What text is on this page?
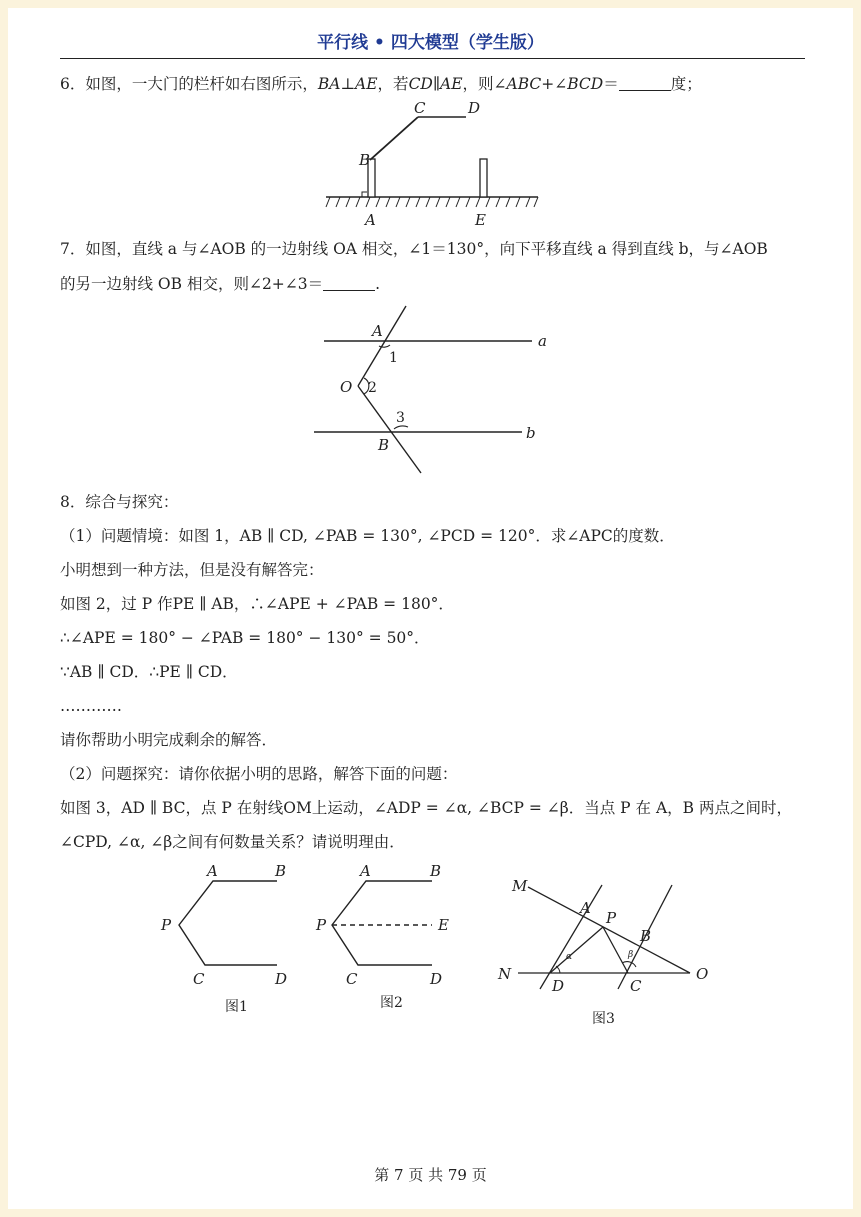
平行线 • 四大模型（学生版）
6．如图，一大门的栏杆如右图所示，BA⊥AE，若CD∥AE，则∠ABC+∠BCD＝	度；
B
C	D
A	E
7．如图，直线 a 与∠AOB 的一边射线 OA 相交，∠1＝130°，向下平移直线 a 得到直线 b，与∠AOB
的另一边射线 OB 相交，则∠2+∠3＝	.
A
a
1
O 2
3
B
b
8．综合与探究：
（1）问题情境：如图 1，AB ∥ CD, ∠PAB = 130°, ∠PCD = 120°．求∠APC的度数．
小明想到一种方法，但是没有解答完：
如图 2，过 P 作PE ∥ AB，∴∠APE + ∠PAB = 180°．
∴∠APE = 180° − ∠PAB = 180° − 130° = 50°．
∵AB ∥ CD．∴PE ∥ CD．
…………
请你帮助小明完成剩余的解答．
（2）问题探究：请你依据小明的思路，解答下面的问题：
如图 3，AD ∥ BC，点 P 在射线OM上运动，∠ADP = ∠α, ∠BCP = ∠β．当点 P 在 A，B 两点之间时，
∠CPD, ∠α, ∠β之间有何数量关系？请说明理由．
A	B
P
C	D
图1
A	B
P	E
C	D
图2
M
A
P
B
N
D	C
O
α	β
图3
第 7 页 共 79 页
